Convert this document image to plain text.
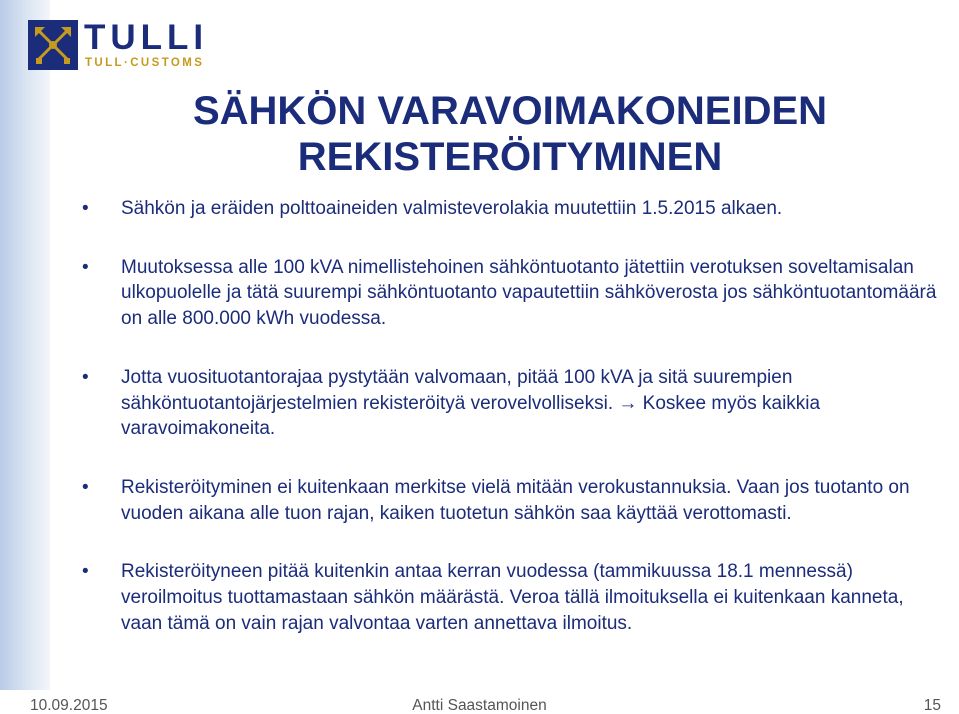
TULLI
TULL·CUSTOMS
SÄHKÖN VARAVOIMAKONEIDEN
REKISTERÖITYMINEN
• Sähkön ja eräiden polttoaineiden valmisteverolakia muutettiin 1.5.2015 alkaen.
• Muutoksessa alle 100 kVA nimellistehoinen sähköntuotanto jätettiin verotuksen soveltamisalan ulkopuolelle ja tätä suurempi sähköntuotanto vapautettiin sähköverosta jos sähköntuotantomäärä on alle 800.000 kWh vuodessa.
• Jotta vuosituotantorajaa pystytään valvomaan, pitää 100 kVA ja sitä suurempien sähköntuotantojärjestelmien rekisteröityä verovelvolliseksi. → Koskee myös kaikkia varavoimakoneita.
• Rekisteröityminen ei kuitenkaan merkitse vielä mitään verokustannuksia. Vaan jos tuotanto on vuoden aikana alle tuon rajan, kaiken tuotetun sähkön saa käyttää verottomasti.
• Rekisteröityneen pitää kuitenkin antaa kerran vuodessa (tammikuussa 18.1 mennessä) veroilmoitus tuottamastaan sähkön määrästä. Veroa tällä ilmoituksella ei kuitenkaan kanneta, vaan tämä on vain rajan valvontaa varten annettava ilmoitus.
10.09.2015	Antti Saastamoinen	15
